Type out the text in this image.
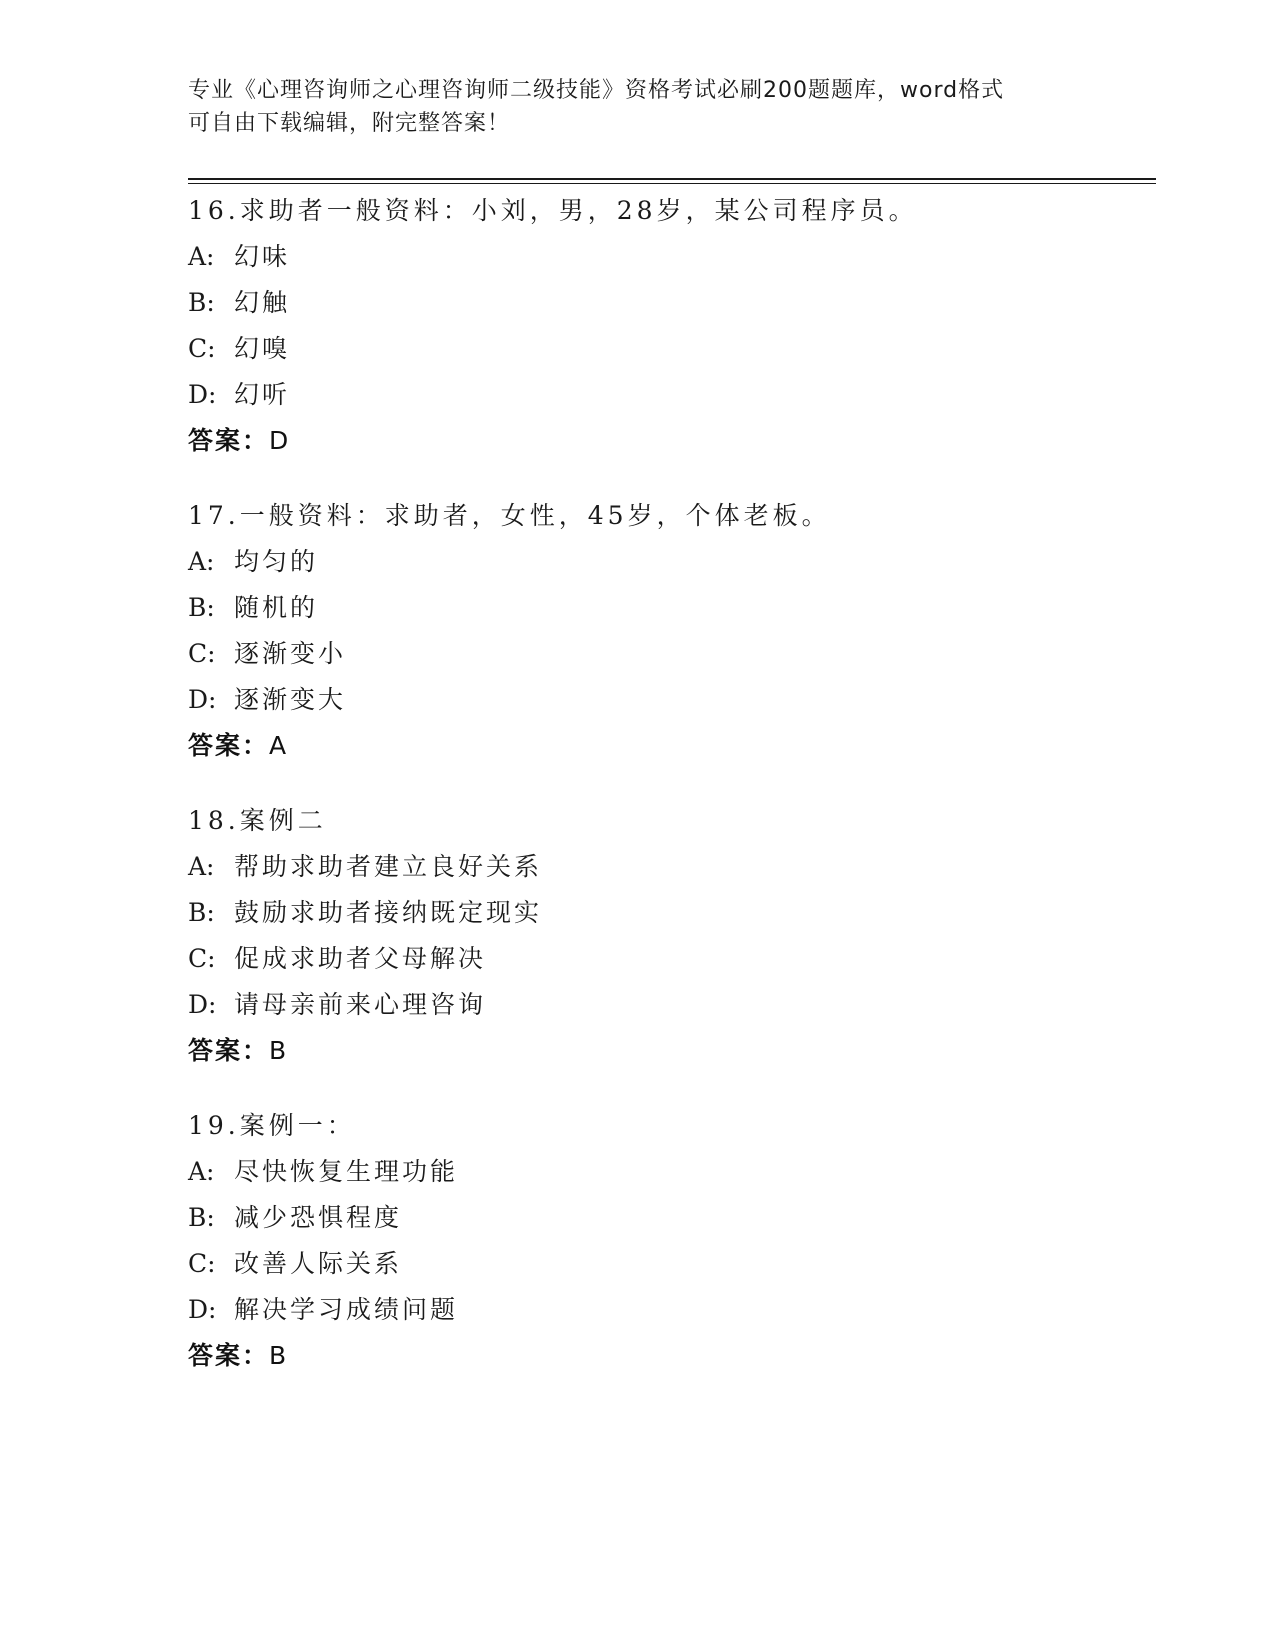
专业《心理咨询师之心理咨询师二级技能》资格考试必刷200题题库，word格式
可自由下载编辑，附完整答案！
16.求助者一般资料：小刘，男，28岁，某公司程序员。
A: 幻味
B: 幻触
C: 幻嗅
D: 幻听
答案：D
17.一般资料：求助者，女性，45岁，个体老板。
A: 均匀的
B: 随机的
C: 逐渐变小
D: 逐渐变大
答案：A
18.案例二
A: 帮助求助者建立良好关系
B: 鼓励求助者接纳既定现实
C: 促成求助者父母解决
D: 请母亲前来心理咨询
答案：B
19.案例一：
A: 尽快恢复生理功能
B: 减少恐惧程度
C: 改善人际关系
D: 解决学习成绩问题
答案：B
